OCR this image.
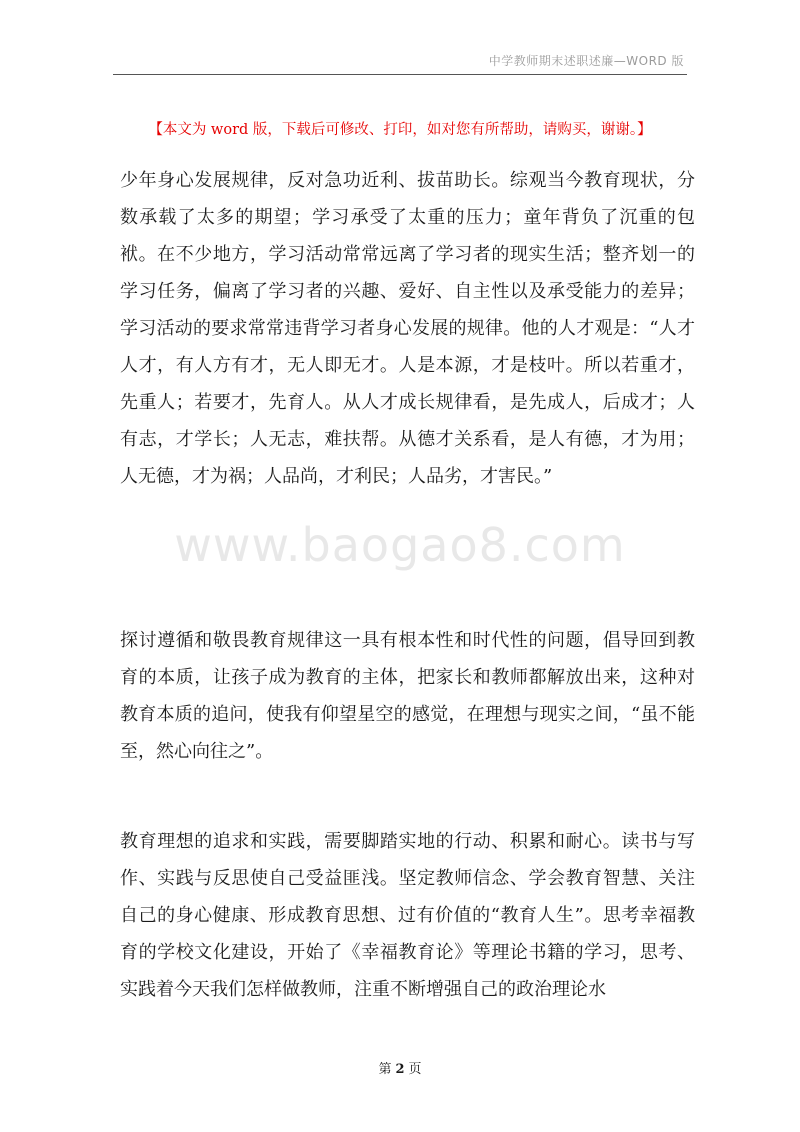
中学教师期末述职述廉—WORD 版
【本文为 word 版，下载后可修改、打印，如对您有所帮助，请购买，谢谢。】
www.baogao8.com
少年身心发展规律，反对急功近利、拔苗助长。综观当今教育现状，分数承载了太多的期望；学习承受了太重的压力；童年背负了沉重的包袱。在不少地方，学习活动常常远离了学习者的现实生活；整齐划一的学习任务，偏离了学习者的兴趣、爱好、自主性以及承受能力的差异；学习活动的要求常常违背学习者身心发展的规律。他的人才观是：“人才人才，有人方有才，无人即无才。人是本源，才是枝叶。所以若重才，先重人；若要才，先育人。从人才成长规律看，是先成人，后成才；人有志，才学长；人无志，难扶帮。从德才关系看，是人有德，才为用；人无德，才为祸；人品尚，才利民；人品劣，才害民。”
探讨遵循和敬畏教育规律这一具有根本性和时代性的问题，倡导回到教育的本质，让孩子成为教育的主体，把家长和教师都解放出来，这种对教育本质的追问，使我有仰望星空的感觉，在理想与现实之间，“虽不能至，然心向往之”。
教育理想的追求和实践，需要脚踏实地的行动、积累和耐心。读书与写作、实践与反思使自己受益匪浅。坚定教师信念、学会教育智慧、关注自己的身心健康、形成教育思想、过有价值的“教育人生”。思考幸福教育的学校文化建设，开始了《幸福教育论》等理论书籍的学习，思考、实践着今天我们怎样做教师，注重不断增强自己的政治理论水
第 2 页
